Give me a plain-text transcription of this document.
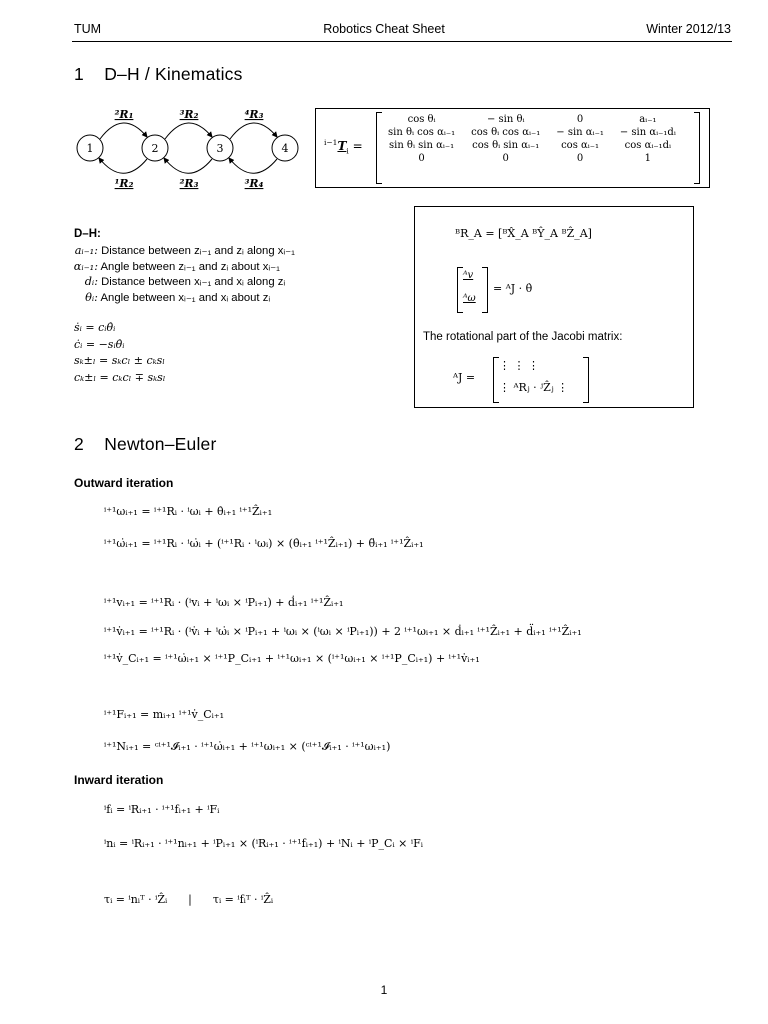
TUM	Robotics Cheat Sheet	Winter 2012/13
1 D–H / Kinematics
1	2	3	4
²R₁	³R₂	⁴R₃
¹R₂	²R₃	³R₄
$^{i-1}T_i$ =
cos θᵢ	− sin θᵢ	0	aᵢ₋₁
sin θᵢ cos αᵢ₋₁	cos θᵢ cos αᵢ₋₁	− sin αᵢ₋₁	− sin αᵢ₋₁dᵢ
sin θᵢ sin αᵢ₋₁	cos θᵢ sin αᵢ₋₁	cos αᵢ₋₁	cos αᵢ₋₁dᵢ
0	0	0	1
D–H:
aᵢ₋₁: Distance between zᵢ₋₁ and zᵢ along xᵢ₋₁
αᵢ₋₁: Angle between zᵢ₋₁ and zᵢ about xᵢ₋₁
dᵢ: Distance between xᵢ₋₁ and xᵢ along zᵢ
θᵢ: Angle between xᵢ₋₁ and xᵢ about zᵢ
ṡᵢ = cᵢθ̇ᵢ
ċᵢ = −sᵢθ̇ᵢ
sₖ±ₗ = sₖcₗ ± cₖsₗ
cₖ±ₗ = cₖcₗ ∓ sₖsₗ
ᴮR_A = [ᴮX̂_A ᴮŶ_A ᴮẐ_A]
ᴬv
ᴬω
= ᴬJ · θ̇
The rotational part of the Jacobi matrix:
ᴬJ =
⋮ ⋮ ⋮
⋮ ᴬRⱼ · ʲẐⱼ ⋮
2 Newton–Euler
Outward iteration
ⁱ⁺¹ωᵢ₊₁ = ⁱ⁺¹Rᵢ · ⁱωᵢ + θ̇ᵢ₊₁ ⁱ⁺¹Ẑᵢ₊₁
ⁱ⁺¹ω̇ᵢ₊₁ = ⁱ⁺¹Rᵢ · ⁱω̇ᵢ + (ⁱ⁺¹Rᵢ · ⁱωᵢ) × (θ̇ᵢ₊₁ ⁱ⁺¹Ẑᵢ₊₁) + θ̈ᵢ₊₁ ⁱ⁺¹Ẑᵢ₊₁
ⁱ⁺¹vᵢ₊₁ = ⁱ⁺¹Rᵢ · (ⁱvᵢ + ⁱωᵢ × ⁱPᵢ₊₁) + ḋᵢ₊₁ ⁱ⁺¹Ẑᵢ₊₁
ⁱ⁺¹v̇ᵢ₊₁ = ⁱ⁺¹Rᵢ · (ⁱv̇ᵢ + ⁱω̇ᵢ × ⁱPᵢ₊₁ + ⁱωᵢ × (ⁱωᵢ × ⁱPᵢ₊₁)) + 2 ⁱ⁺¹ωᵢ₊₁ × ḋᵢ₊₁ ⁱ⁺¹Ẑᵢ₊₁ + d̈ᵢ₊₁ ⁱ⁺¹Ẑᵢ₊₁
ⁱ⁺¹v̇_Cᵢ₊₁ = ⁱ⁺¹ω̇ᵢ₊₁ × ⁱ⁺¹P_Cᵢ₊₁ + ⁱ⁺¹ωᵢ₊₁ × (ⁱ⁺¹ωᵢ₊₁ × ⁱ⁺¹P_Cᵢ₊₁) + ⁱ⁺¹v̇ᵢ₊₁
ⁱ⁺¹Fᵢ₊₁ = mᵢ₊₁ ⁱ⁺¹v̇_Cᵢ₊₁
ⁱ⁺¹Nᵢ₊₁ = ᶜⁱ⁺¹𝓘ᵢ₊₁ · ⁱ⁺¹ω̇ᵢ₊₁ + ⁱ⁺¹ωᵢ₊₁ × (ᶜⁱ⁺¹𝓘ᵢ₊₁ · ⁱ⁺¹ωᵢ₊₁)
Inward iteration
ⁱfᵢ = ⁱRᵢ₊₁ · ⁱ⁺¹fᵢ₊₁ + ⁱFᵢ
ⁱnᵢ = ⁱRᵢ₊₁ · ⁱ⁺¹nᵢ₊₁ + ⁱPᵢ₊₁ × (ⁱRᵢ₊₁ · ⁱ⁺¹fᵢ₊₁) + ⁱNᵢ + ⁱP_Cᵢ × ⁱFᵢ
τᵢ = ⁱnᵢᵀ · ⁱẐᵢ      |      τᵢ = ⁱfᵢᵀ · ⁱẐᵢ
1
